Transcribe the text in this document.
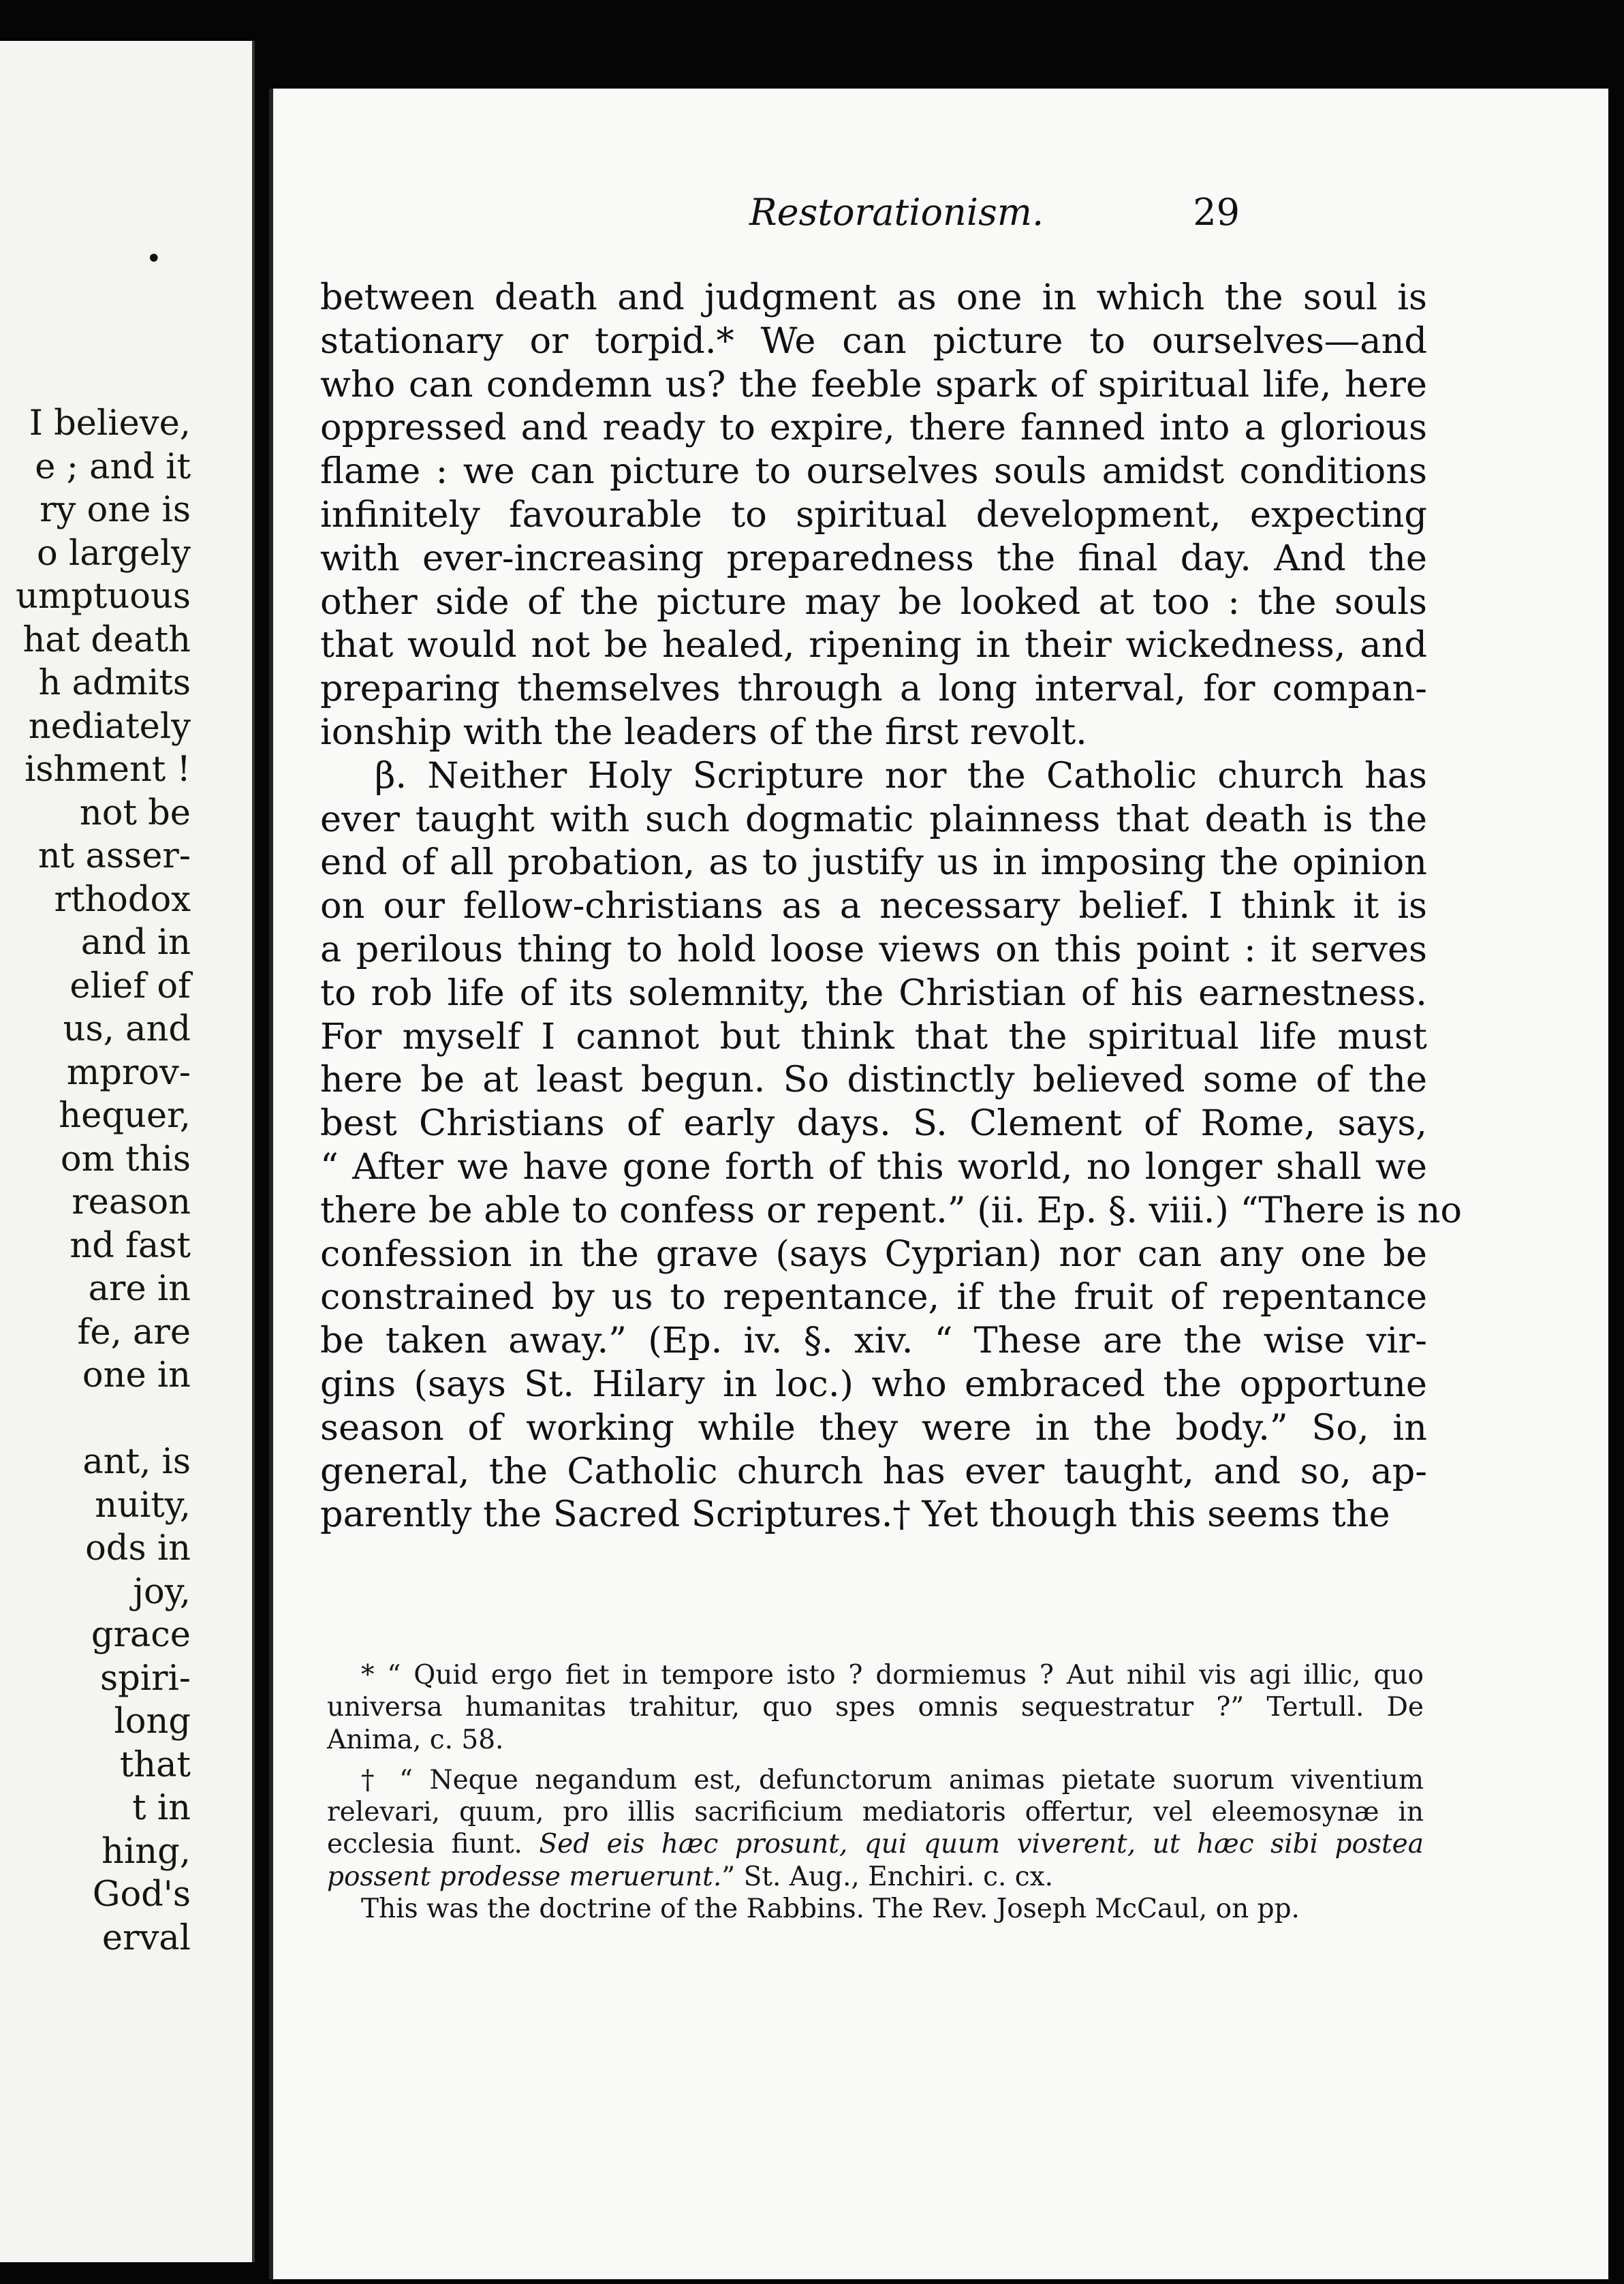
•
I believe,
e ; and it
ry one is
o largely
umptuous
hat death
h admits
nediately
ishment !
not be
nt asser-
rthodox
and in
elief of
us, and
mprov-
hequer,
om this
reason
nd fast
are in
fe, are
one in
ant, is
nuity,
ods in
joy,
grace
spiri-
long
that
t in
hing,
God's
erval
Restorationism.	29
between death and judgment as one in which the soul is
stationary or torpid.* We can picture to ourselves—and
who can condemn us? the feeble spark of spiritual life, here
oppressed and ready to expire, there fanned into a glorious
flame : we can picture to ourselves souls amidst conditions
infinitely favourable to spiritual development, expecting
with ever-increasing preparedness the final day. And the
other side of the picture may be looked at too : the souls
that would not be healed, ripening in their wickedness, and
preparing themselves through a long interval, for compan-
ionship with the leaders of the first revolt.
β. Neither Holy Scripture nor the Catholic church has
ever taught with such dogmatic plainness that death is the
end of all probation, as to justify us in imposing the opinion
on our fellow-christians as a necessary belief. I think it is
a perilous thing to hold loose views on this point : it serves
to rob life of its solemnity, the Christian of his earnestness.
For myself I cannot but think that the spiritual life must
here be at least begun. So distinctly believed some of the
best Christians of early days. S. Clement of Rome, says,
“ After we have gone forth of this world, no longer shall we
there be able to confess or repent.” (ii. Ep. §. viii.) “There is no
confession in the grave (says Cyprian) nor can any one be
constrained by us to repentance, if the fruit of repentance
be taken away.” (Ep. iv. §. xiv. “ These are the wise vir-
gins (says St. Hilary in loc.) who embraced the opportune
season of working while they were in the body.” So, in
general, the Catholic church has ever taught, and so, ap-
parently the Sacred Scriptures.† Yet though this seems the
* “ Quid ergo fiet in tempore isto ? dormiemus ? Aut nihil vis agi illic, quo
universa humanitas trahitur, quo spes omnis sequestratur ?” Tertull. De
Anima, c. 58.
† “ Neque negandum est, defunctorum animas pietate suorum viventium
relevari, quum, pro illis sacrificium mediatoris offertur, vel eleemosynæ in
ecclesia fiunt. Sed eis hæc prosunt, qui quum viverent, ut hæc sibi postea
possent prodesse meruerunt.” St. Aug., Enchiri. c. cx.
This was the doctrine of the Rabbins. The Rev. Joseph McCaul, on pp.
